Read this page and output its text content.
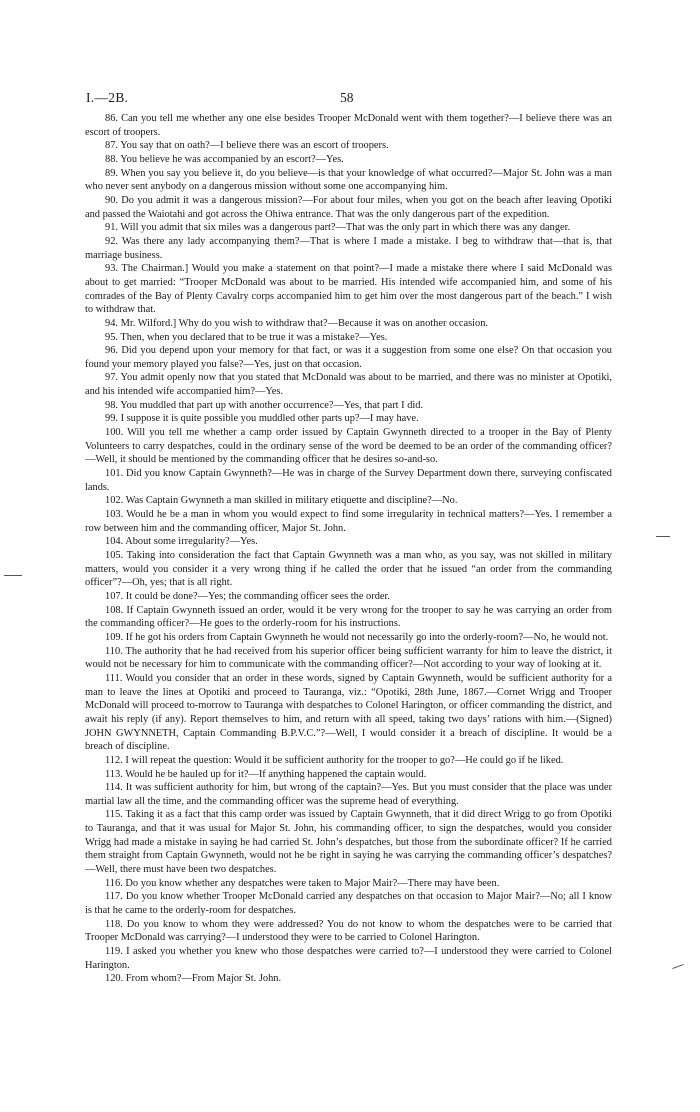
I.—2B.	58

86. Can you tell me whether any one else besides Trooper McDonald went with them together?—I believe there was an escort of troopers.

87. You say that on oath?—I believe there was an escort of troopers.

88. You believe he was accompanied by an escort?—Yes.

89. When you say you believe it, do you believe—is that your knowledge of what occurred?—Major St. John was a man who never sent anybody on a dangerous mission without some one accompanying him.

90. Do you admit it was a dangerous mission?—For about four miles, when you got on the beach after leaving Opotiki and passed the Waiotahi and got across the Ohiwa entrance. That was the only dangerous part of the expedition.

91. Will you admit that six miles was a dangerous part?—That was the only part in which there was any danger.

92. Was there any lady accompanying them?—That is where I made a mistake. I beg to withdraw that—that is, that marriage business.

93. The Chairman.] Would you make a statement on that point?—I made a mistake there where I said McDonald was about to get married: “Trooper McDonald was about to be married. His intended wife accompanied him, and some of his comrades of the Bay of Plenty Cavalry corps accompanied him to get him over the most dangerous part of the beach.” I wish to withdraw that.

94. Mr. Wilford.] Why do you wish to withdraw that?—Because it was on another occasion.

95. Then, when you declared that to be true it was a mistake?—Yes.

96. Did you depend upon your memory for that fact, or was it a suggestion from some one else? On that occasion you found your memory played you false?—Yes, just on that occasion.

97. You admit openly now that you stated that McDonald was about to be married, and there was no minister at Opotiki, and his intended wife accompanied him?—Yes.

98. You muddled that part up with another occurrence?—Yes, that part I did.

99. I suppose it is quite possible you muddled other parts up?—I may have.

100. Will you tell me whether a camp order issued by Captain Gwynneth directed to a trooper in the Bay of Plenty Volunteers to carry despatches, could in the ordinary sense of the word be deemed to be an order of the commanding officer?—Well, it should be mentioned by the commanding officer that he desires so-and-so.

101. Did you know Captain Gwynneth?—He was in charge of the Survey Department down there, surveying confiscated lands.

102. Was Captain Gwynneth a man skilled in military etiquette and discipline?—No.

103. Would he be a man in whom you would expect to find some irregularity in technical matters?—Yes. I remember a row between him and the commanding officer, Major St. John.

104. About some irregularity?—Yes.

105. Taking into consideration the fact that Captain Gwynneth was a man who, as you say, was not skilled in military matters, would you consider it a very wrong thing if he called the order that he issued “an order from the commanding officer”?—Oh, yes; that is all right.

107. It could be done?—Yes; the commanding officer sees the order.

108. If Captain Gwynneth issued an order, would it be very wrong for the trooper to say he was carrying an order from the commanding officer?—He goes to the orderly-room for his instructions.

109. If he got his orders from Captain Gwynneth he would not necessarily go into the orderly-room?—No, he would not.

110. The authority that he had received from his superior officer being sufficient warranty for him to leave the district, it would not be necessary for him to communicate with the commanding officer?—Not according to your way of looking at it.

111. Would you consider that an order in these words, signed by Captain Gwynneth, would be sufficient authority for a man to leave the lines at Opotiki and proceed to Tauranga, viz.: “Opotiki, 28th June, 1867.—Cornet Wrigg and Trooper McDonald will proceed to-morrow to Tauranga with despatches to Colonel Harington, or officer commanding the district, and await his reply (if any). Report themselves to him, and return with all speed, taking two days’ rations with him.—(Signed) JOHN GWYNNETH, Captain Commanding B.P.V.C.”?—Well, I would consider it a breach of discipline. It would be a breach of discipline.

112. I will repeat the question: Would it be sufficient authority for the trooper to go?—He could go if he liked.

113. Would he be hauled up for it?—If anything happened the captain would.

114. It was sufficient authority for him, but wrong of the captain?—Yes. But you must consider that the place was under martial law all the time, and the commanding officer was the supreme head of everything.

115. Taking it as a fact that this camp order was issued by Captain Gwynneth, that it did direct Wrigg to go from Opotiki to Tauranga, and that it was usual for Major St. John, his commanding officer, to sign the despatches, would you consider Wrigg had made a mistake in saying he had carried St. John’s despatches, but those from the subordinate officer? If he carried them straight from Captain Gwynneth, would not he be right in saying he was carrying the commanding officer’s despatches?—Well, there must have been two despatches.

116. Do you know whether any despatches were taken to Major Mair?—There may have been.

117. Do you know whether Trooper McDonald carried any despatches on that occasion to Major Mair?—No; all I know is that he came to the orderly-room for despatches.

118. Do you know to whom they were addressed? You do not know to whom the despatches were to be carried that Trooper McDonald was carrying?—I understood they were to be carried to Colonel Harington.

119. I asked you whether you knew who those despatches were carried to?—I understood they were carried to Colonel Harington.

120. From whom?—From Major St. John.
